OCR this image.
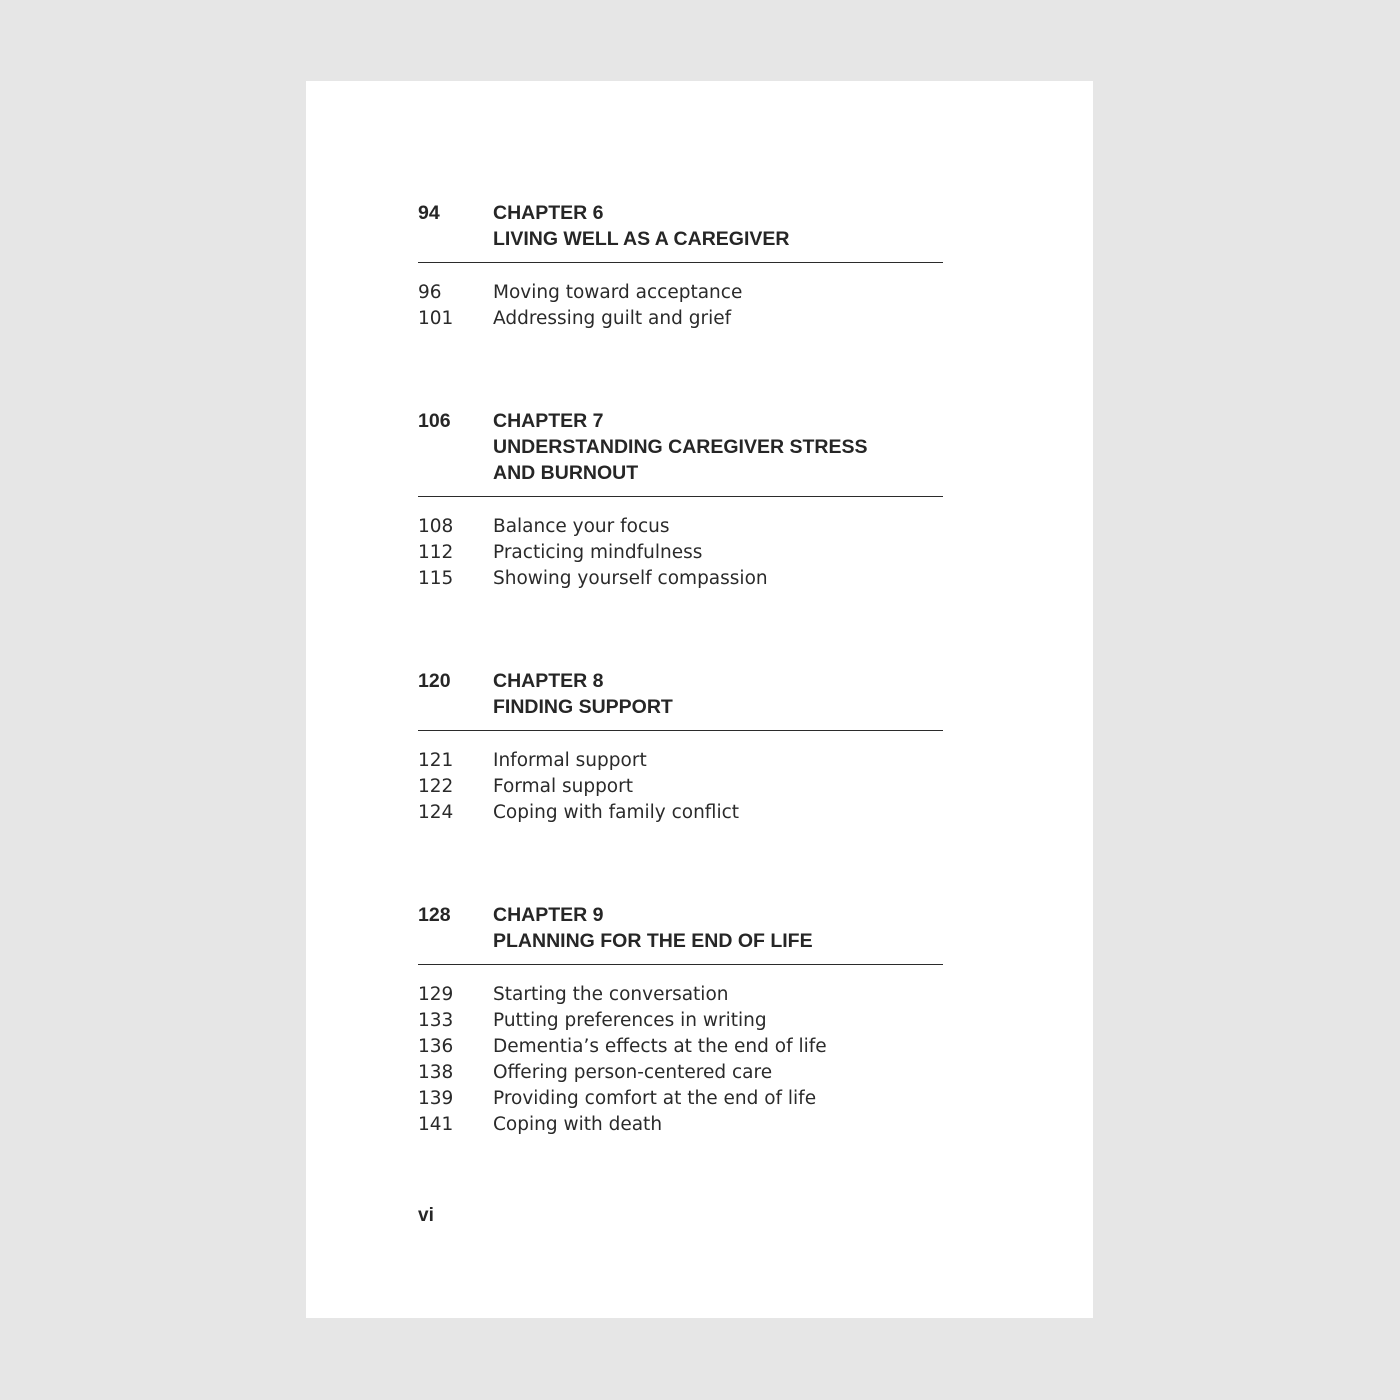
94	CHAPTER 6
LIVING WELL AS A CAREGIVER
96	Moving toward acceptance
101 Addressing guilt and grief
106 CHAPTER 7
UNDERSTANDING CAREGIVER STRESS
AND BURNOUT
108 Balance your focus
112 Practicing mindfulness
115 Showing yourself compassion
120 CHAPTER 8
FINDING SUPPORT
121 Informal support
122 Formal support
124 Coping with family conflict
128 CHAPTER 9
PLANNING FOR THE END OF LIFE
129 Starting the conversation
133 Putting preferences in writing
136 Dementia’s effects at the end of life
138 Offering person-centered care
139 Providing comfort at the end of life
141 Coping with death
vi
